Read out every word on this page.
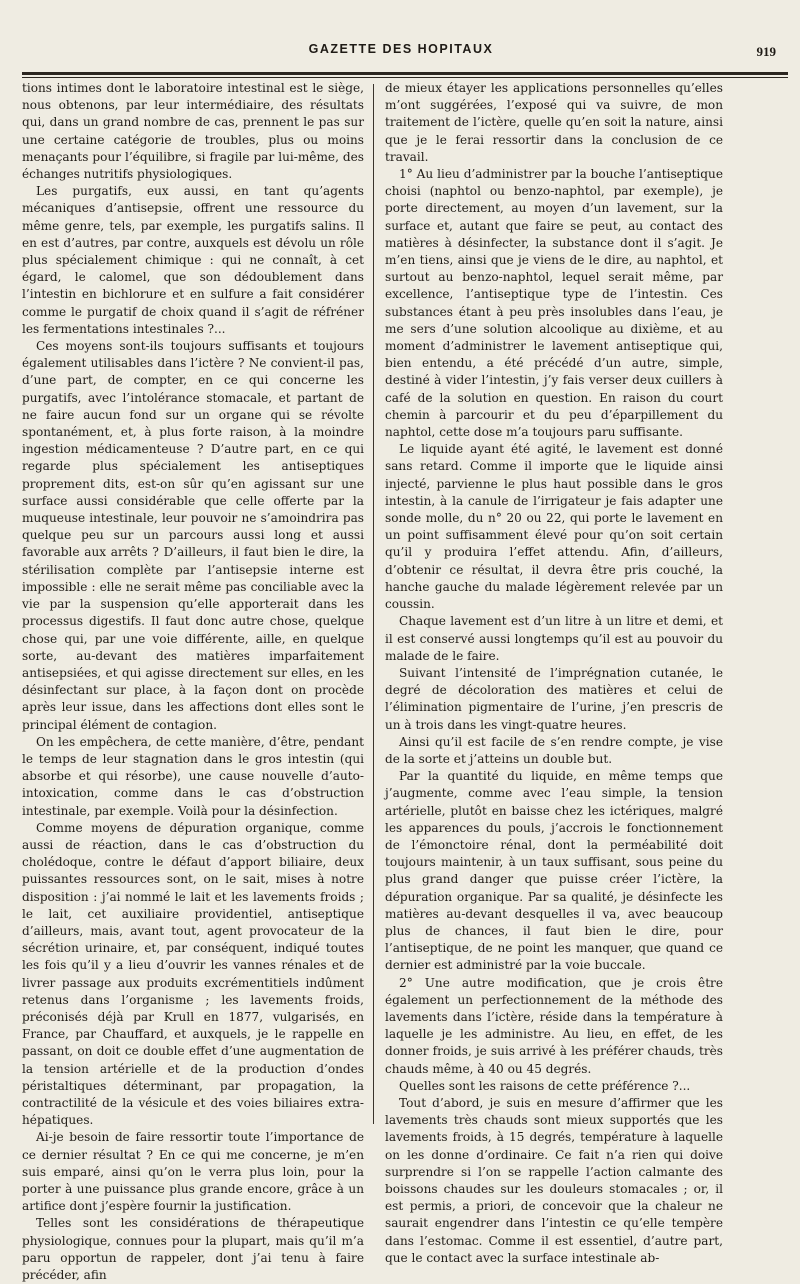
GAZETTE DES HOPITAUX	919

tions intimes dont le laboratoire intestinal est le siège, nous obtenons, par leur intermédiaire, des résultats qui, dans un grand nombre de cas, prennent le pas sur une certaine catégorie de troubles, plus ou moins menaçants pour l’équilibre, si fragile par lui-même, des échanges nutritifs physiologiques.

Les purgatifs, eux aussi, en tant qu’agents mécaniques d’antisepsie, offrent une ressource du même genre, tels, par exemple, les purgatifs salins. Il en est d’autres, par contre, auxquels est dévolu un rôle plus spécialement chimique : qui ne connaît, à cet égard, le calomel, que son dédoublement dans l’intestin en bichlorure et en sulfure a fait considérer comme le purgatif de choix quand il s’agit de réfréner les fermentations intestinales ?...

Ces moyens sont-ils toujours suffisants et toujours également utilisables dans l’ictère ? Ne convient-il pas, d’une part, de compter, en ce qui concerne les purgatifs, avec l’intolérance stomacale, et partant de ne faire aucun fond sur un organe qui se révolte spontanément, et, à plus forte raison, à la moindre ingestion médicamenteuse ? D’autre part, en ce qui regarde plus spécialement les antiseptiques proprement dits, est-on sûr qu’en agissant sur une surface aussi considérable que celle offerte par la muqueuse intestinale, leur pouvoir ne s’amoindrira pas quelque peu sur un parcours aussi long et aussi favorable aux arrêts ? D’ailleurs, il faut bien le dire, la stérilisation complète par l’antisepsie interne est impossible : elle ne serait même pas conciliable avec la vie par la suspension qu’elle apporterait dans les processus digestifs. Il faut donc autre chose, quelque chose qui, par une voie différente, aille, en quelque sorte, au-devant des matières imparfaitement antisepsiées, et qui agisse directement sur elles, en les désinfectant sur place, à la façon dont on procède après leur issue, dans les affections dont elles sont le principal élément de contagion.

On les empêchera, de cette manière, d’être, pendant le temps de leur stagnation dans le gros intestin (qui absorbe et qui résorbe), une cause nouvelle d’auto-intoxication, comme dans le cas d’obstruction intestinale, par exemple. Voilà pour la désinfection.

Comme moyens de dépuration organique, comme aussi de réaction, dans le cas d’obstruction du cholédoque, contre le défaut d’apport biliaire, deux puissantes ressources sont, on le sait, mises à notre disposition : j’ai nommé le lait et les lavements froids ; le lait, cet auxiliaire providentiel, antiseptique d’ailleurs, mais, avant tout, agent provocateur de la sécrétion urinaire, et, par conséquent, indiqué toutes les fois qu’il y a lieu d’ouvrir les vannes rénales et de livrer passage aux produits excrémentitiels indûment retenus dans l’organisme ; les lavements froids, préconisés déjà par Krull en 1877, vulgarisés, en France, par Chauffard, et auxquels, je le rappelle en passant, on doit ce double effet d’une augmentation de la tension artérielle et de la production d’ondes péristaltiques déterminant, par propagation, la contractilité de la vésicule et des voies biliaires extra-hépatiques.

Ai-je besoin de faire ressortir toute l’importance de ce dernier résultat ? En ce qui me concerne, je m’en suis emparé, ainsi qu’on le verra plus loin, pour la porter à une puissance plus grande encore, grâce à un artifice dont j’espère fournir la justification.

Telles sont les considérations de thérapeutique physiologique, connues pour la plupart, mais qu’il m’a paru opportun de rappeler, dont j’ai tenu à faire précéder, afin

de mieux étayer les applications personnelles qu’elles m’ont suggérées, l’exposé qui va suivre, de mon traitement de l’ictère, quelle qu’en soit la nature, ainsi que je le ferai ressortir dans la conclusion de ce travail.

1° Au lieu d’administrer par la bouche l’antiseptique choisi (naphtol ou benzo-naphtol, par exemple), je porte directement, au moyen d’un lavement, sur la surface et, autant que faire se peut, au contact des matières à désinfecter, la substance dont il s’agit. Je m’en tiens, ainsi que je viens de le dire, au naphtol, et surtout au benzo-naphtol, lequel serait même, par excellence, l’antiseptique type de l’intestin. Ces substances étant à peu près insolubles dans l’eau, je me sers d’une solution alcoolique au dixième, et au moment d’administrer le lavement antiseptique qui, bien entendu, a été précédé d’un autre, simple, destiné à vider l’intestin, j’y fais verser deux cuillers à café de la solution en question. En raison du court chemin à parcourir et du peu d’éparpillement du naphtol, cette dose m’a toujours paru suffisante.

Le liquide ayant été agité, le lavement est donné sans retard. Comme il importe que le liquide ainsi injecté, parvienne le plus haut possible dans le gros intestin, à la canule de l’irrigateur je fais adapter une sonde molle, du n° 20 ou 22, qui porte le lavement en un point suffisamment élevé pour qu’on soit certain qu’il y produira l’effet attendu. Afin, d’ailleurs, d’obtenir ce résultat, il devra être pris couché, la hanche gauche du malade légèrement relevée par un coussin.

Chaque lavement est d’un litre à un litre et demi, et il est conservé aussi longtemps qu’il est au pouvoir du malade de le faire.

Suivant l’intensité de l’imprégnation cutanée, le degré de décoloration des matières et celui de l’élimination pigmentaire de l’urine, j’en prescris de un à trois dans les vingt-quatre heures.

Ainsi qu’il est facile de s’en rendre compte, je vise de la sorte et j’atteins un double but.

Par la quantité du liquide, en même temps que j’augmente, comme avec l’eau simple, la tension artérielle, plutôt en baisse chez les ictériques, malgré les apparences du pouls, j’accrois le fonctionnement de l’émonctoire rénal, dont la perméabilité doit toujours maintenir, à un taux suffisant, sous peine du plus grand danger que puisse créer l’ictère, la dépuration organique. Par sa qualité, je désinfecte les matières au-devant desquelles il va, avec beaucoup plus de chances, il faut bien le dire, pour l’antiseptique, de ne point les manquer, que quand ce dernier est administré par la voie buccale.

2° Une autre modification, que je crois être également un perfectionnement de la méthode des lavements dans l’ictère, réside dans la température à laquelle je les administre. Au lieu, en effet, de les donner froids, je suis arrivé à les préférer chauds, très chauds même, à 40 ou 45 degrés.

Quelles sont les raisons de cette préférence ?...

Tout d’abord, je suis en mesure d’affirmer que les lavements très chauds sont mieux supportés que les lavements froids, à 15 degrés, température à laquelle on les donne d’ordinaire. Ce fait n’a rien qui doive surprendre si l’on se rappelle l’action calmante des boissons chaudes sur les douleurs stomacales ; or, il est permis, a priori, de concevoir que la chaleur ne saurait engendrer dans l’intestin ce qu’elle tempère dans l’estomac. Comme il est essentiel, d’autre part, que le contact avec la surface intestinale ab-
